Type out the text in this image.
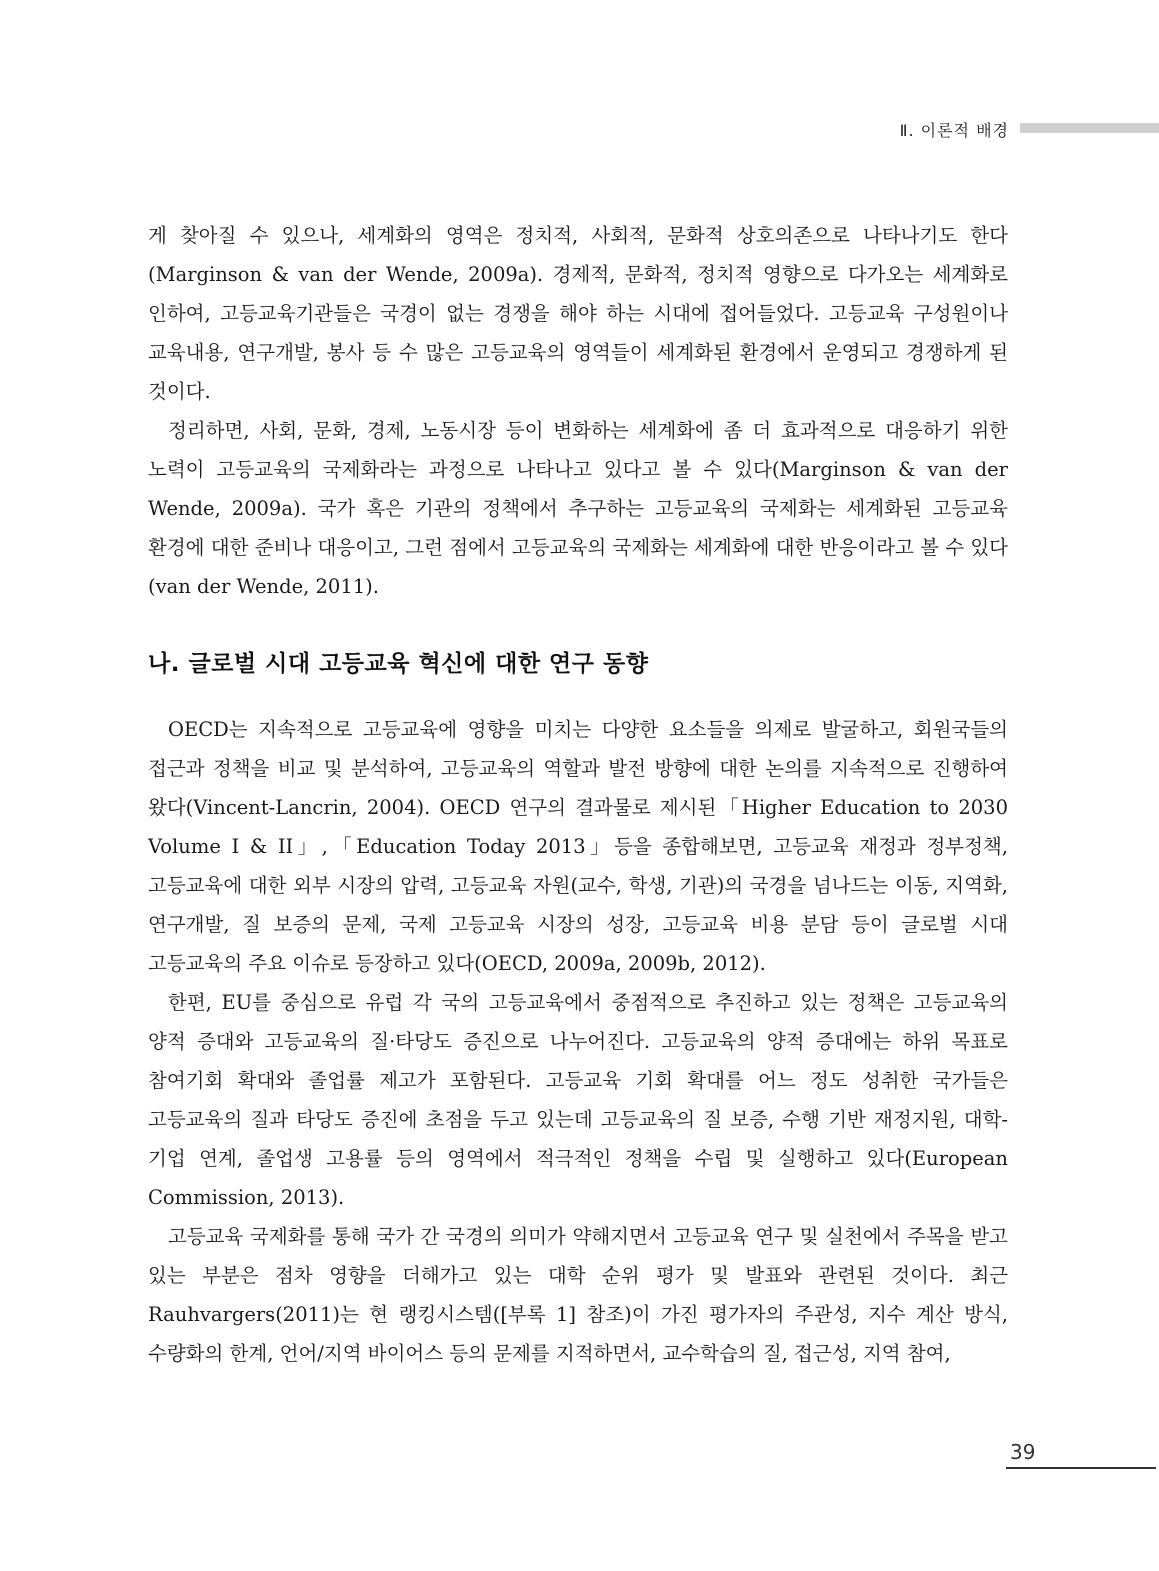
Ⅱ. 이론적 배경

게 찾아질 수 있으나, 세계화의 영역은 정치적, 사회적, 문화적 상호의존으로 나타나기도 한다(Marginson & van der Wende, 2009a). 경제적, 문화적, 정치적 영향으로 다가오는 세계화로 인하여, 고등교육기관들은 국경이 없는 경쟁을 해야 하는 시대에 접어들었다. 고등교육 구성원이나 교육내용, 연구개발, 봉사 등 수 많은 고등교육의 영역들이 세계화된 환경에서 운영되고 경쟁하게 된 것이다.

정리하면, 사회, 문화, 경제, 노동시장 등이 변화하는 세계화에 좀 더 효과적으로 대응하기 위한 노력이 고등교육의 국제화라는 과정으로 나타나고 있다고 볼 수 있다(Marginson & van der Wende, 2009a). 국가 혹은 기관의 정책에서 추구하는 고등교육의 국제화는 세계화된 고등교육 환경에 대한 준비나 대응이고, 그런 점에서 고등교육의 국제화는 세계화에 대한 반응이라고 볼 수 있다(van der Wende, 2011).

나. 글로벌 시대 고등교육 혁신에 대한 연구 동향

OECD는 지속적으로 고등교육에 영향을 미치는 다양한 요소들을 의제로 발굴하고, 회원국들의 접근과 정책을 비교 및 분석하여, 고등교육의 역할과 발전 방향에 대한 논의를 지속적으로 진행하여 왔다(Vincent-Lancrin, 2004). OECD 연구의 결과물로 제시된「Higher Education to 2030 Volume I & II」,「Education Today 2013」등을 종합해보면, 고등교육 재정과 정부정책, 고등교육에 대한 외부 시장의 압력, 고등교육 자원(교수, 학생, 기관)의 국경을 넘나드는 이동, 지역화, 연구개발, 질 보증의 문제, 국제 고등교육 시장의 성장, 고등교육 비용 분담 등이 글로벌 시대 고등교육의 주요 이슈로 등장하고 있다(OECD, 2009a, 2009b, 2012).

한편, EU를 중심으로 유럽 각 국의 고등교육에서 중점적으로 추진하고 있는 정책은 고등교육의 양적 증대와 고등교육의 질·타당도 증진으로 나누어진다. 고등교육의 양적 증대에는 하위 목표로 참여기회 확대와 졸업률 제고가 포함된다. 고등교육 기회 확대를 어느 정도 성취한 국가들은 고등교육의 질과 타당도 증진에 초점을 두고 있는데 고등교육의 질 보증, 수행 기반 재정지원, 대학-기업 연계, 졸업생 고용률 등의 영역에서 적극적인 정책을 수립 및 실행하고 있다(European Commission, 2013).

고등교육 국제화를 통해 국가 간 국경의 의미가 약해지면서 고등교육 연구 및 실천에서 주목을 받고 있는 부분은 점차 영향을 더해가고 있는 대학 순위 평가 및 발표와 관련된 것이다. 최근 Rauhvargers(2011)는 현 랭킹시스템([부록 1] 참조)이 가진 평가자의 주관성, 지수 계산 방식, 수량화의 한계, 언어/지역 바이어스 등의 문제를 지적하면서, 교수학습의 질, 접근성, 지역 참여,

39
